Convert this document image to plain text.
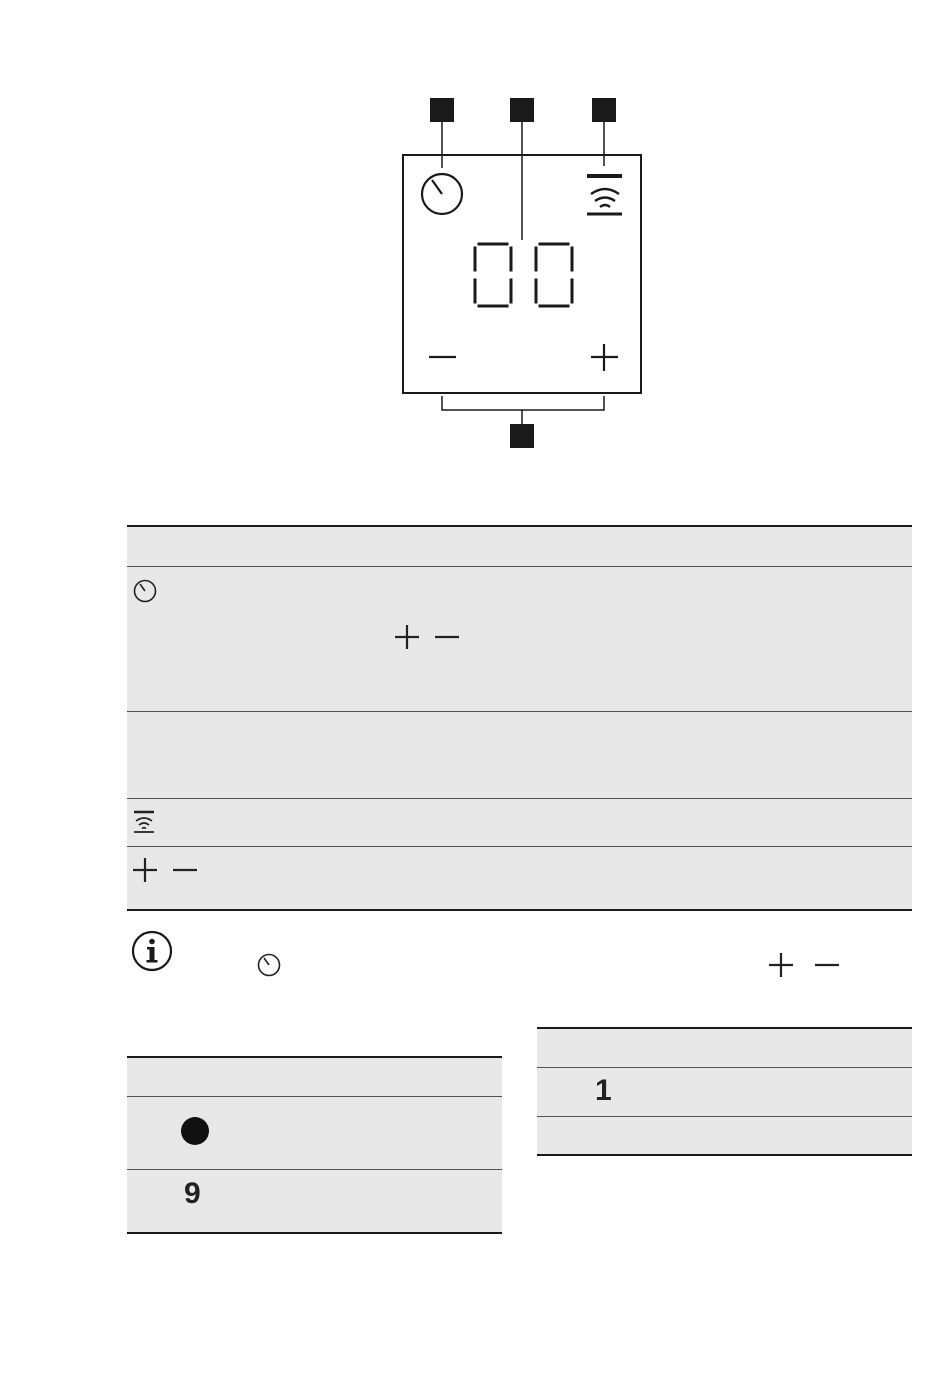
9
1
